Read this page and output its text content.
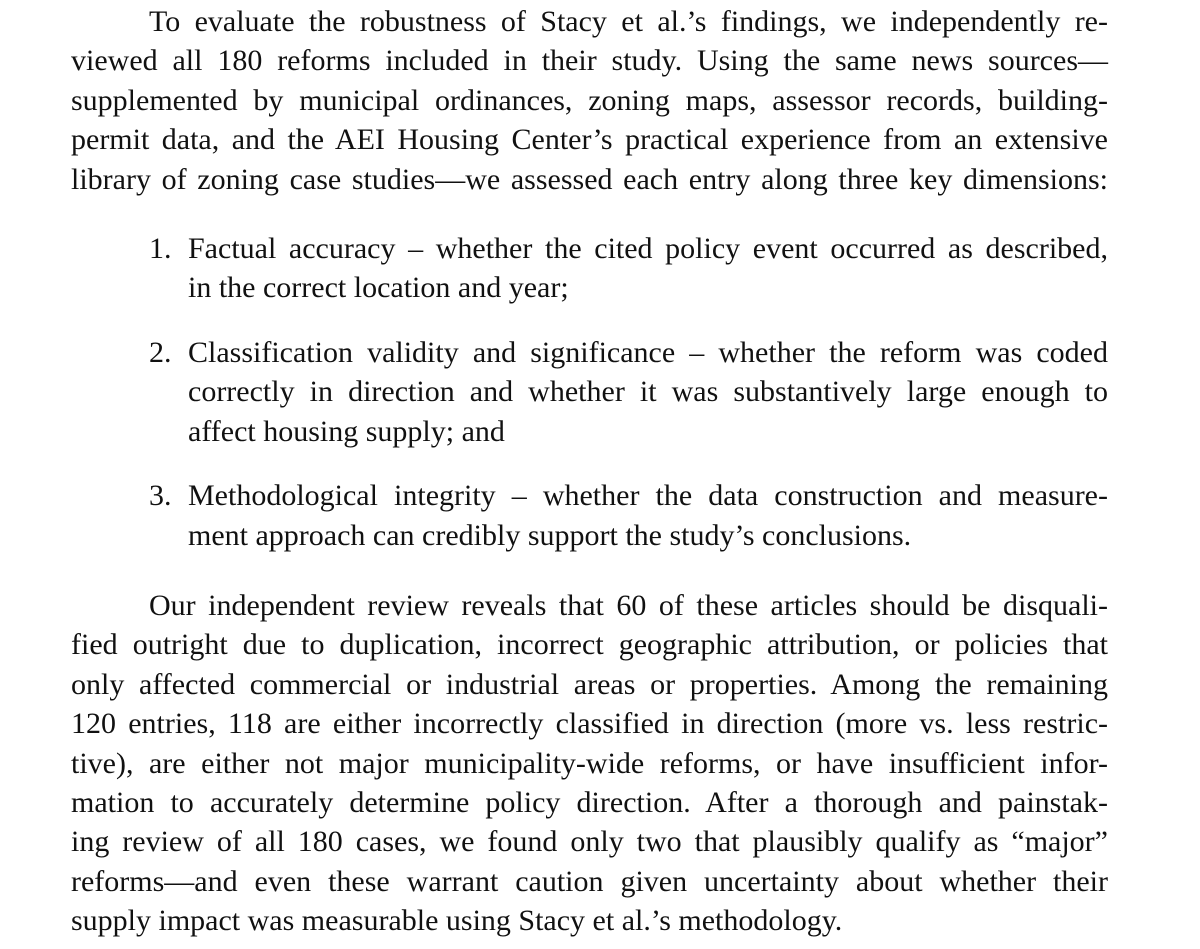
To evaluate the robustness of Stacy et al.’s findings, we independently re-
viewed all 180 reforms included in their study. Using the same news sources—
supplemented by municipal ordinances, zoning maps, assessor records, building-
permit data, and the AEI Housing Center’s practical experience from an extensive
library of zoning case studies—we assessed each entry along three key dimensions:
1. Factual accuracy – whether the cited policy event occurred as described,
in the correct location and year;
2. Classification validity and significance – whether the reform was coded
correctly in direction and whether it was substantively large enough to
affect housing supply; and
3. Methodological integrity – whether the data construction and measure-
ment approach can credibly support the study’s conclusions.
Our independent review reveals that 60 of these articles should be disquali-
fied outright due to duplication, incorrect geographic attribution, or policies that
only affected commercial or industrial areas or properties. Among the remaining
120 entries, 118 are either incorrectly classified in direction (more vs. less restric-
tive), are either not major municipality-wide reforms, or have insufficient infor-
mation to accurately determine policy direction. After a thorough and painstak-
ing review of all 180 cases, we found only two that plausibly qualify as “major”
reforms—and even these warrant caution given uncertainty about whether their
supply impact was measurable using Stacy et al.’s methodology.
